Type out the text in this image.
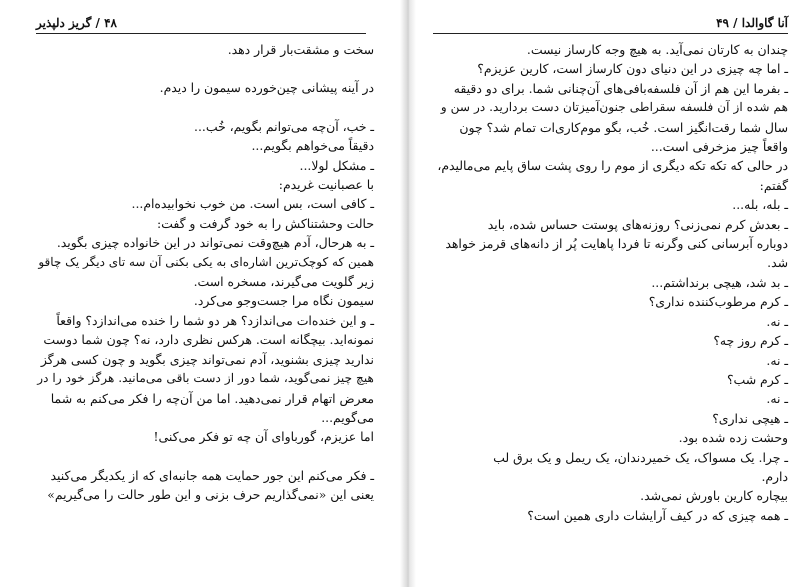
۴۸ / گریز دلپذیر
سخت و مشقت‌بار قرار دهد.
در آینه پیشانی چین‌خورده سیمون را دیدم.
ـ خب، آن‌چه می‌توانم بگویم، خُب...
دقیقاً می‌خواهم بگویم...
ـ مشکل لولا...
با عصبانیت غریدم:
ـ کافی است، بس است. من خوب نخوابیده‌ام...
حالت وحشتناکش را به خود گرفت و گفت:
ـ به هرحال، آدم هیچ‌وقت نمی‌تواند در این خانواده چیزی بگوید.
همین که کوچک‌ترین اشاره‌ای به یکی بکنی آن سه تای دیگر یک چاقو
زیر گلویت می‌گیرند، مسخره است.
سیمون نگاه مرا جست‌وجو می‌کرد.
ـ و این خنده‌ات می‌اندازد؟ هر دو شما را خنده می‌اندازد؟ واقعاً
نمونه‌اید. بیچگانه است. هرکس نظری دارد، نه؟ چون شما دوست
ندارید چیزی بشنوید، آدم نمی‌تواند چیزی بگوید و چون کسی هرگز
هیچ چیز نمی‌گوید، شما دور از دست باقی می‌مانید. هرگز خود را در
معرض اتهام قرار نمی‌دهید. اما من آن‌چه را فکر می‌کنم به شما
می‌گویم...
اما عزیزم، گورباوای آن چه تو فکر می‌کنی!
ـ فکر می‌کنم این جور حمایت همه جانبه‌ای که از یکدیگر می‌کنید
یعنی این «نمی‌گذاریم حرف بزنی و این طور حالت را می‌گیریم»
آنا گاوالدا / ۴۹
چندان به کارتان نمی‌آید. به هیچ وجه کارساز نیست.
ـ اما چه چیزی در این دنیای دون کارساز است، کارین عزیزم؟
ـ بفرما این هم از آن فلسفه‌بافی‌های آن‌چنانی شما. برای دو دقیقه
هم شده از آن فلسفه سقراطی جنون‌آمیزتان دست بردارید. در سن و
سال شما رقت‌انگیز است. خُب، بگو موم‌کاری‌ات تمام شد؟ چون
واقعاً چیز مزخرفی است...
در حالی که تکه تکه دیگری از موم را روی پشت ساق پایم می‌مالیدم،
گفتم:
ـ بله، بله...
ـ بعدش کرم نمی‌زنی؟ روزنه‌های پوستت حساس شده، باید
دوباره آبرسانی کنی وگرنه تا فردا پاهایت پُر از دانه‌های قرمز خواهد
شد.
ـ بد شد، هیچی برنداشتم...
ـ کرم مرطوب‌کننده نداری؟
ـ نه.
ـ کرم روز چه؟
ـ نه.
ـ کرم شب؟
ـ نه.
ـ هیچی نداری؟
وحشت زده شده بود.
ـ چرا. یک مسواک، یک خمیردندان، یک ریمل و یک برق لب
دارم.
بیچاره کارین باورش نمی‌شد.
ـ همه چیزی که در کیف آرایشات داری همین است؟
